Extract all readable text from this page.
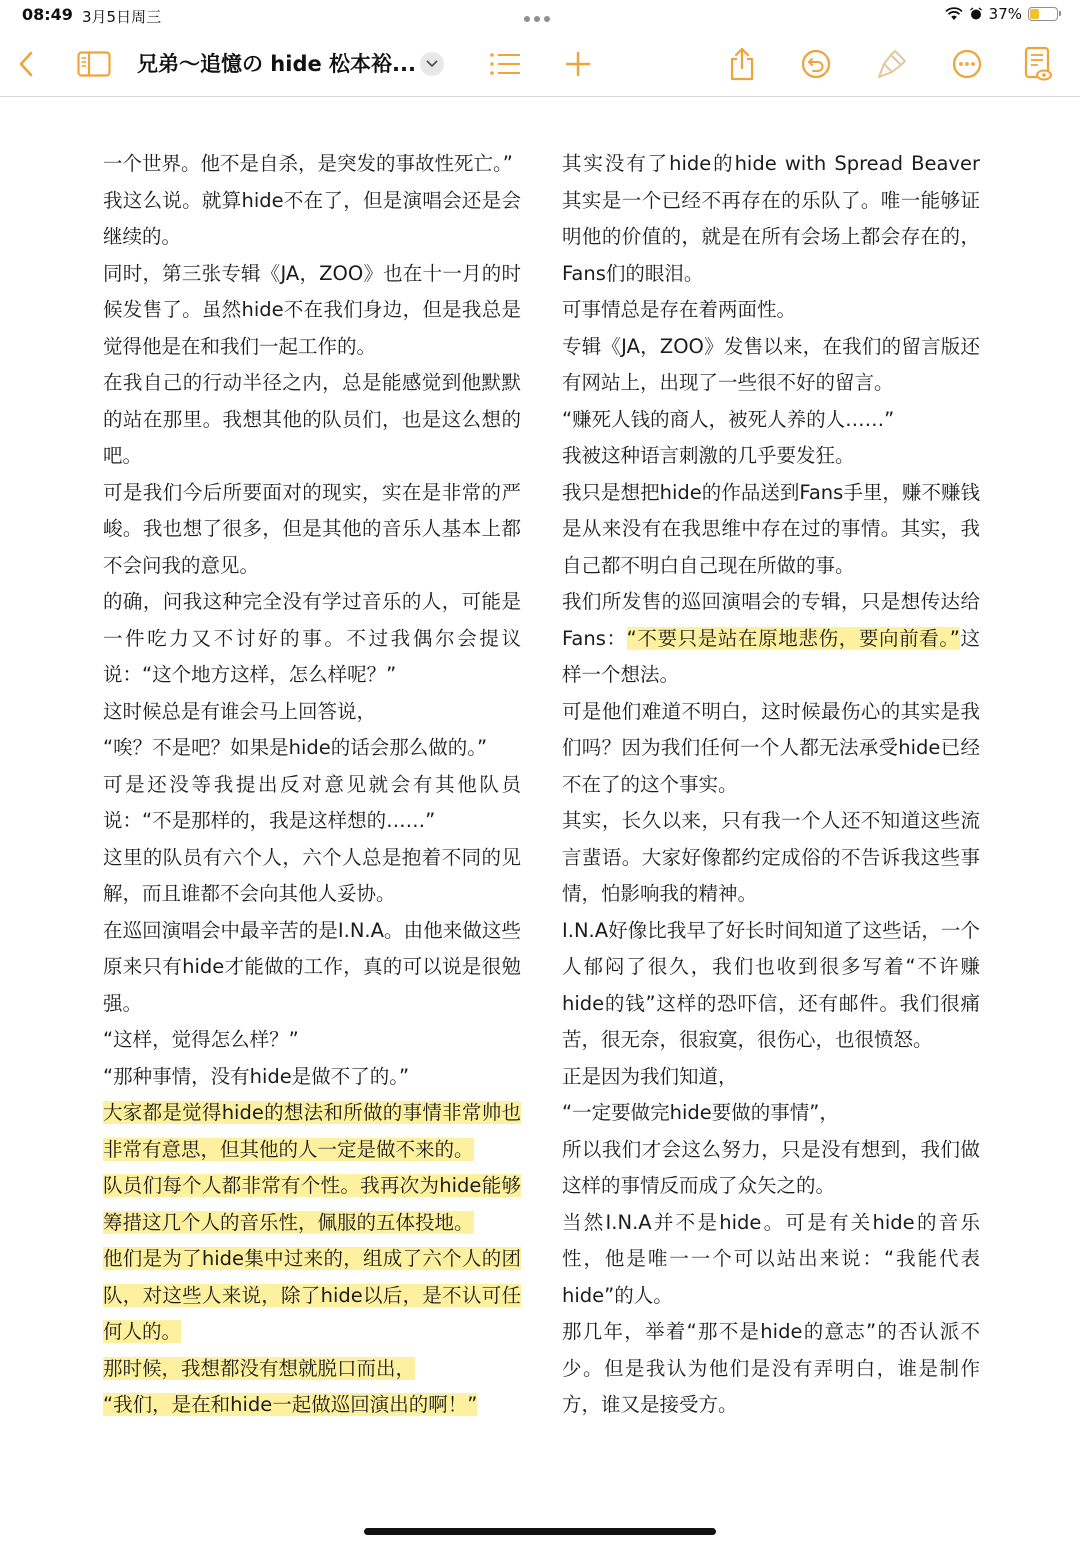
08:49 3月5日周三	37%
兄弟～追憶の hide 松本裕...

一个世界。他不是自杀，是突发的事故性死亡。”

我这么说。就算hide不在了，但是演唱会还是会继续的。

同时，第三张专辑《JA，ZOO》也在十一月的时候发售了。虽然hide不在我们身边，但是我总是觉得他是在和我们一起工作的。

在我自己的行动半径之内，总是能感觉到他默默的站在那里。我想其他的队员们，也是这么想的吧。

可是我们今后所要面对的现实，实在是非常的严峻。我也想了很多，但是其他的音乐人基本上都不会问我的意见。

的确，问我这种完全没有学过音乐的人，可能是一件吃力又不讨好的事。不过我偶尔会提议说：“这个地方这样，怎么样呢？”

这时候总是有谁会马上回答说，

“唉？不是吧？如果是hide的话会那么做的。”

可是还没等我提出反对意见就会有其他队员说：“不是那样的，我是这样想的……”

这里的队员有六个人，六个人总是抱着不同的见解，而且谁都不会向其他人妥协。

在巡回演唱会中最辛苦的是I.N.A。由他来做这些原来只有hide才能做的工作，真的可以说是很勉强。

“这样，觉得怎么样？”

“那种事情，没有hide是做不了的。”

大家都是觉得hide的想法和所做的事情非常帅也非常有意思，但其他的人一定是做不来的。

队员们每个人都非常有个性。我再次为hide能够筹措这几个人的音乐性，佩服的五体投地。

他们是为了hide集中过来的，组成了六个人的团队，对这些人来说，除了hide以后，是不认可任何人的。

那时候，我想都没有想就脱口而出，

“我们，是在和hide一起做巡回演出的啊！”

其实没有了hide的hide with Spread Beaver其实是一个已经不再存在的乐队了。唯一能够证明他的价值的，就是在所有会场上都会存在的，Fans们的眼泪。

可事情总是存在着两面性。

专辑《JA，ZOO》发售以来，在我们的留言版还有网站上，出现了一些很不好的留言。

“赚死人钱的商人，被死人养的人……”

我被这种语言刺激的几乎要发狂。

我只是想把hide的作品送到Fans手里，赚不赚钱是从来没有在我思维中存在过的事情。其实，我自己都不明白自己现在所做的事。

我们所发售的巡回演唱会的专辑，只是想传达给Fans：“不要只是站在原地悲伤，要向前看。”这样一个想法。

可是他们难道不明白，这时候最伤心的其实是我们吗？因为我们任何一个人都无法承受hide已经不在了的这个事实。

其实，长久以来，只有我一个人还不知道这些流言蜚语。大家好像都约定成俗的不告诉我这些事情，怕影响我的精神。

I.N.A好像比我早了好长时间知道了这些话，一个人郁闷了很久，我们也收到很多写着“不许赚hide的钱”这样的恐吓信，还有邮件。我们很痛苦，很无奈，很寂寞，很伤心，也很愤怒。

正是因为我们知道，

“一定要做完hide要做的事情”，

所以我们才会这么努力，只是没有想到，我们做这样的事情反而成了众矢之的。

当然I.N.A并不是hide。可是有关hide的音乐性，他是唯一一个可以站出来说：“我能代表hide”的人。

那几年，举着“那不是hide的意志”的否认派不少。但是我认为他们是没有弄明白，谁是制作方，谁又是接受方。
